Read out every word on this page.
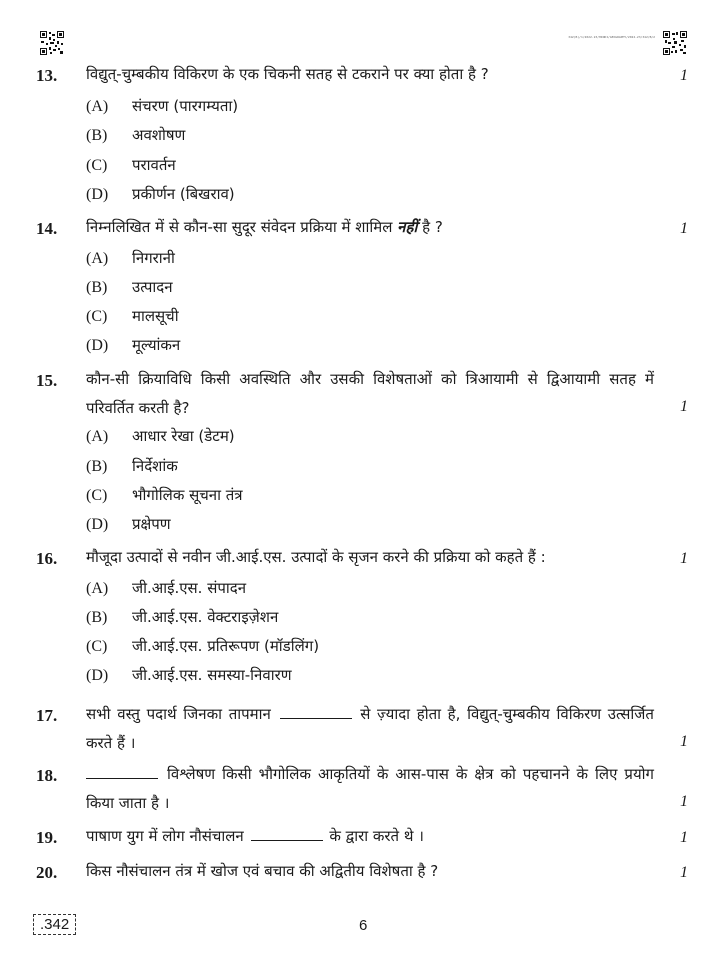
342(B)/1/2022-23/HINDI/GEOGRAPHY/2022-23/342/B/2
13. विद्युत्-चुम्बकीय विकिरण के एक चिकनी सतह से टकराने पर क्या होता है ?	1
(A) संचरण (पारगम्यता)
(B) अवशोषण
(C) परावर्तन
(D) प्रकीर्णन (बिखराव)
14. निम्नलिखित में से कौन-सा सुदूर संवेदन प्रक्रिया में शामिल नहीं है ?	1
(A) निगरानी
(B) उत्पादन
(C) मालसूची
(D) मूल्यांकन
15. कौन-सी क्रियाविधि किसी अवस्थिति और उसकी विशेषताओं को त्रिआयामी से द्विआयामी सतह में परिवर्तित करती है?	1
(A) आधार रेखा (डेटम)
(B) निर्देशांक
(C) भौगोलिक सूचना तंत्र
(D) प्रक्षेपण
16. मौजूदा उत्पादों से नवीन जी.आई.एस. उत्पादों के सृजन करने की प्रक्रिया को कहते हैं :	1
(A) जी.आई.एस. संपादन
(B) जी.आई.एस. वेक्टराइज़ेशन
(C) जी.आई.एस. प्रतिरूपण (मॉडलिंग)
(D) जी.आई.एस. समस्या-निवारण
17. सभी वस्तु पदार्थ जिनका तापमान	से ज़्यादा होता है, विद्युत्-चुम्बकीय विकिरण उत्सर्जित करते हैं ।	1
18.	विश्लेषण किसी भौगोलिक आकृतियों के आस-पास के क्षेत्र को पहचानने के लिए प्रयोग किया जाता है ।	1
19. पाषाण युग में लोग नौसंचालन	के द्वारा करते थे ।	1
20. किस नौसंचालन तंत्र में खोज एवं बचाव की अद्वितीय विशेषता है ?	1
.342	6
